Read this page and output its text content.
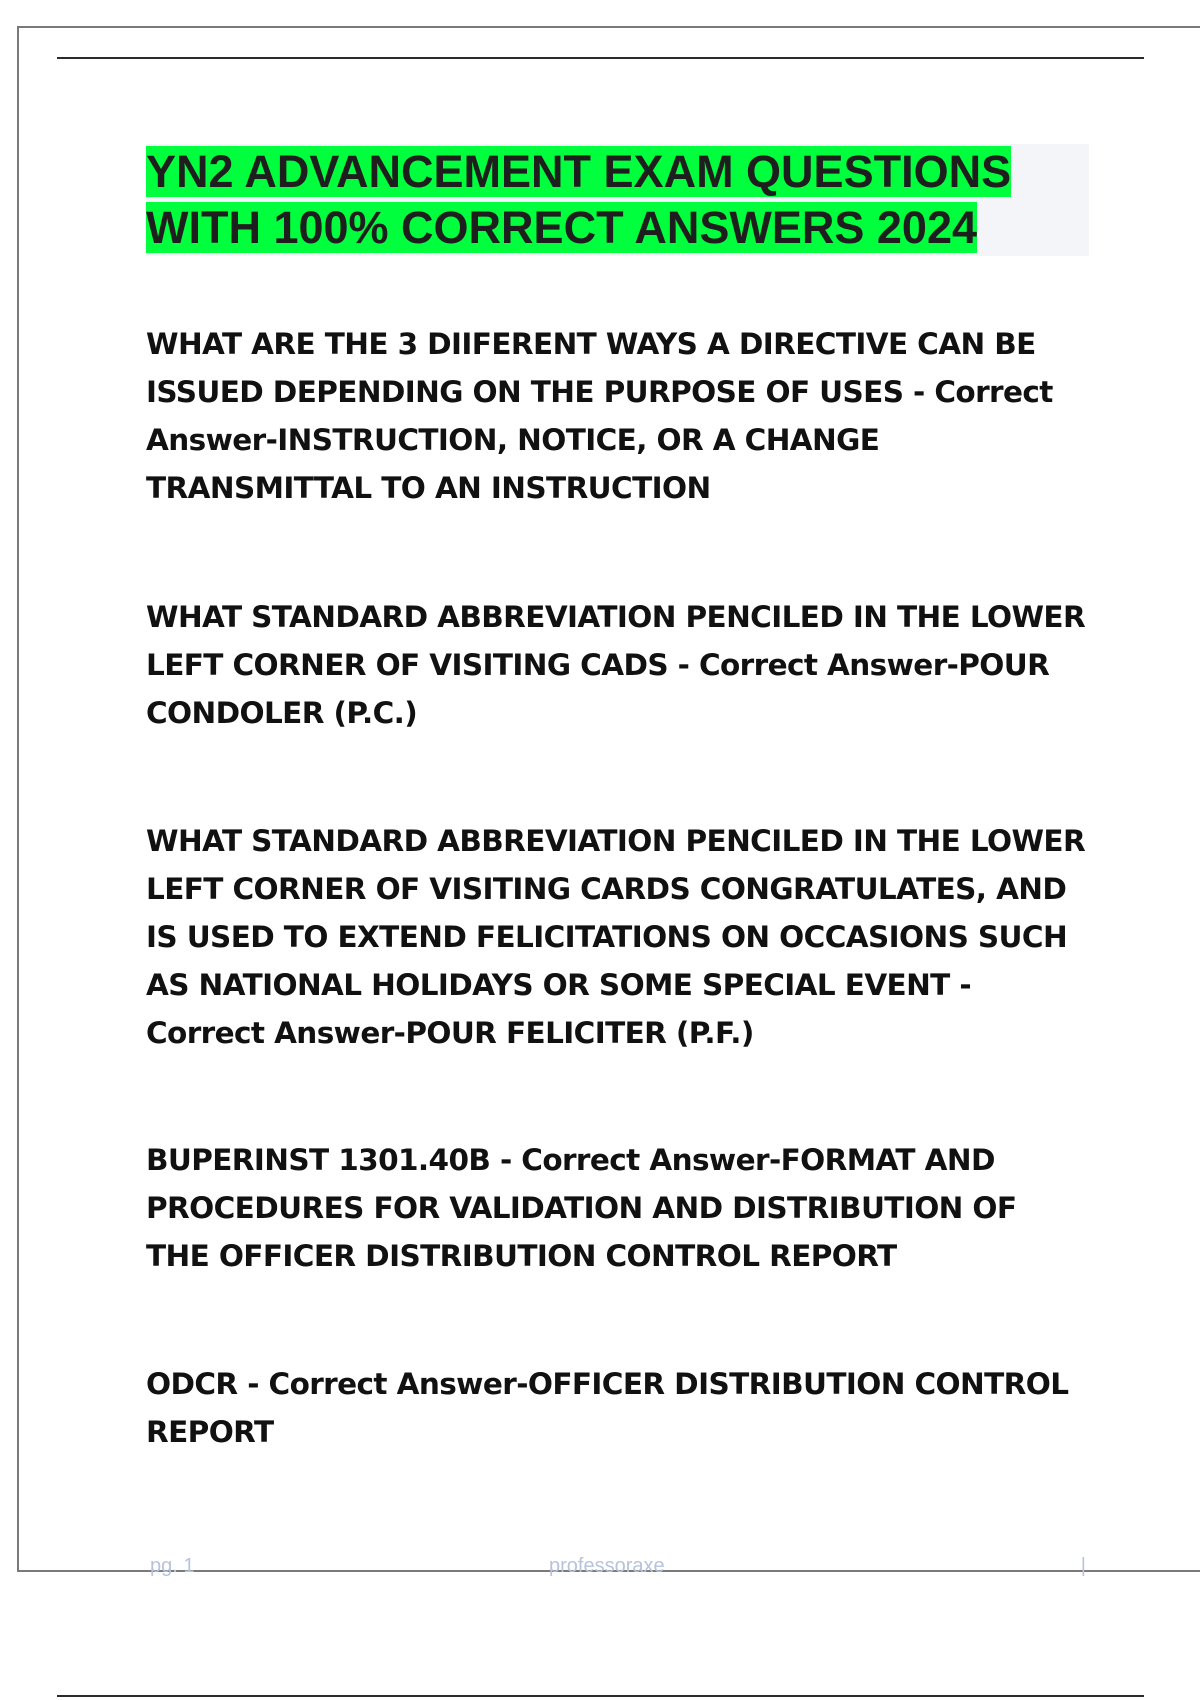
YN2 ADVANCEMENT EXAM QUESTIONS
WITH 100% CORRECT ANSWERS 2024
WHAT ARE THE 3 DIIFERENT WAYS A DIRECTIVE CAN BE ISSUED DEPENDING ON THE PURPOSE OF USES - Correct Answer-INSTRUCTION, NOTICE, OR A CHANGE TRANSMITTAL TO AN INSTRUCTION
WHAT STANDARD ABBREVIATION PENCILED IN THE LOWER LEFT CORNER OF VISITING CADS - Correct Answer-POUR CONDOLER (P.C.)
WHAT STANDARD ABBREVIATION PENCILED IN THE LOWER LEFT CORNER OF VISITING CARDS CONGRATULATES, AND IS USED TO EXTEND FELICITATIONS ON OCCASIONS SUCH AS NATIONAL HOLIDAYS OR SOME SPECIAL EVENT - Correct Answer-POUR FELICITER (P.F.)
BUPERINST 1301.40B - Correct Answer-FORMAT AND PROCEDURES FOR VALIDATION AND DISTRIBUTION OF THE OFFICER DISTRIBUTION CONTROL REPORT
ODCR - Correct Answer-OFFICER DISTRIBUTION CONTROL REPORT
pg. 1	professoraxe	|
